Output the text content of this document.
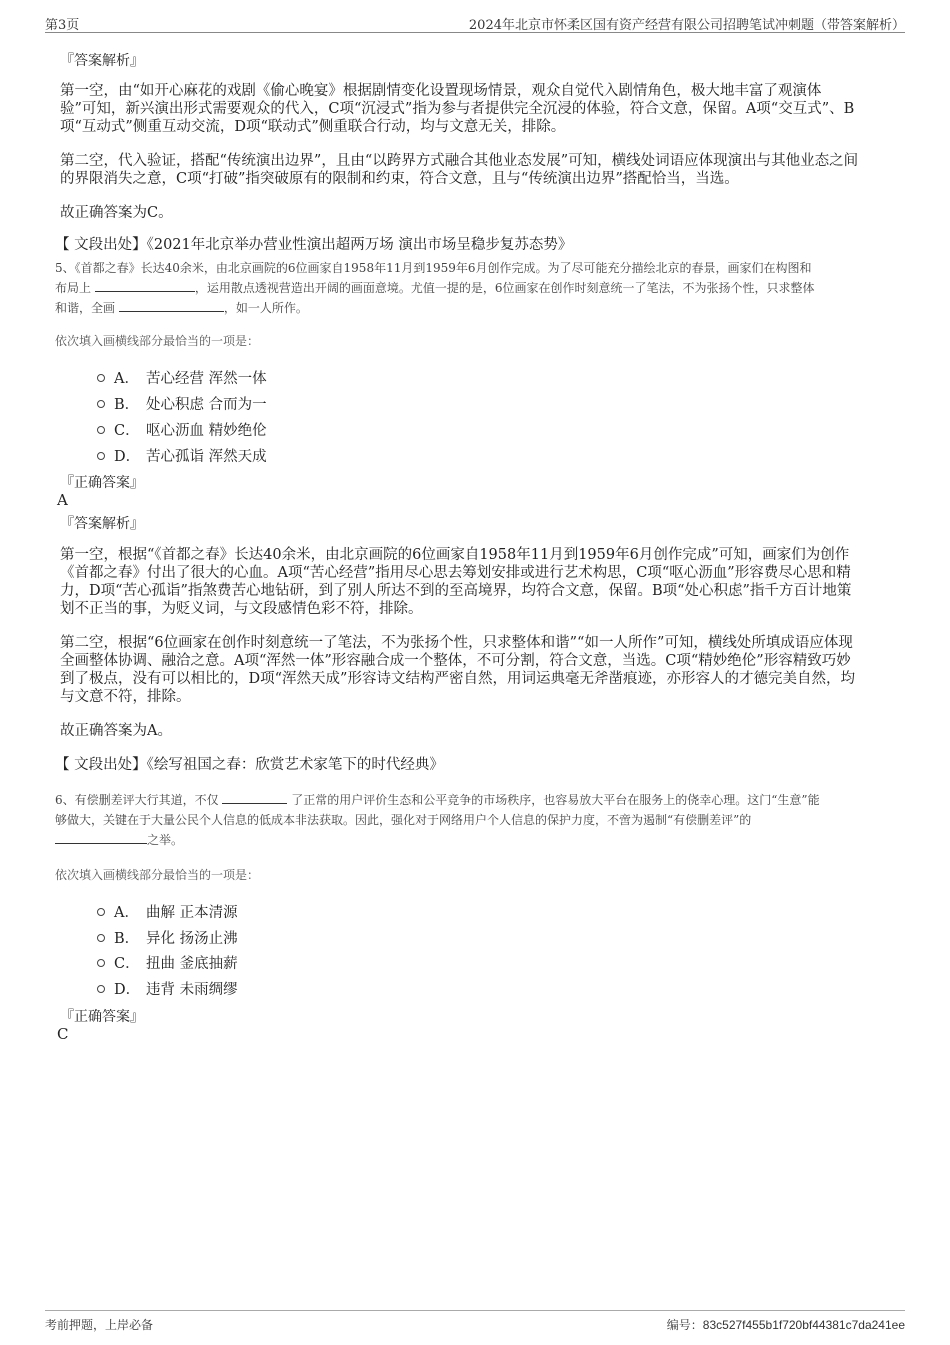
第3页	2024年北京市怀柔区国有资产经营有限公司招聘笔试冲刺题（带答案解析）
『答案解析』

第一空，由“如开心麻花的戏剧《偷心晚宴》根据剧情变化设置现场情景，观众自觉代入剧情角色，极大地丰富了观演体

验”可知，新兴演出形式需要观众的代入，C项“沉浸式”指为参与者提供完全沉浸的体验，符合文意，保留。A项“交互式”、B

项“互动式”侧重互动交流，D项“联动式”侧重联合行动，均与文意无关，排除。

第二空，代入验证，搭配“传统演出边界”，且由“以跨界方式融合其他业态发展”可知，横线处词语应体现演出与其他业态之间

的界限消失之意，C项“打破”指突破原有的限制和约束，符合文意，且与“传统演出边界”搭配恰当，当选。

故正确答案为C。
【 文段出处】《2021年北京举办营业性演出超两万场 演出市场呈稳步复苏态势》

5、《首都之春》长达40余米，由北京画院的6位画家自1958年11月到1959年6月创作完成。为了尽可能充分描绘北京的春景，画家们在构图和

布局上	，运用散点透视营造出开阔的画面意境。尤值一提的是，6位画家在创作时刻意统一了笔法，不为张扬个性，只求整体

和谐，全画	，如一人所作。

依次填入画横线部分最恰当的一项是：
A． 苦心经营 浑然一体
B． 处心积虑 合而为一
C． 呕心沥血 精妙绝伦
D． 苦心孤诣 浑然天成
『正确答案』
A
『答案解析』

第一空，根据“《首都之春》长达40余米，由北京画院的6位画家自1958年11月到1959年6月创作完成”可知，画家们为创作

《首都之春》付出了很大的心血。A项“苦心经营”指用尽心思去筹划安排或进行艺术构思，C项“呕心沥血”形容费尽心思和精

力，D项“苦心孤诣”指煞费苦心地钻研，到了别人所达不到的至高境界，均符合文意，保留。B项“处心积虑”指千方百计地策

划不正当的事，为贬义词，与文段感情色彩不符，排除。

第二空，根据“6位画家在创作时刻意统一了笔法，不为张扬个性，只求整体和谐”“如一人所作”可知，横线处所填成语应体现

全画整体协调、融洽之意。A项“浑然一体”形容融合成一个整体，不可分割，符合文意，当选。C项“精妙绝伦”形容精致巧妙

到了极点，没有可以相比的，D项“浑然天成”形容诗文结构严密自然，用词运典毫无斧凿痕迹，亦形容人的才德完美自然，均

与文意不符，排除。

故正确答案为A。
【 文段出处】《绘写祖国之春：欣赏艺术家笔下的时代经典》

6、有偿删差评大行其道，不仅	了正常的用户评价生态和公平竞争的市场秩序，也容易放大平台在服务上的侥幸心理。这门“生意”能

够做大，关键在于大量公民个人信息的低成本非法获取。因此，强化对于网络用户个人信息的保护力度，不啻为遏制“有偿删差评”的

之举。

依次填入画横线部分最恰当的一项是：
A． 曲解 正本清源
B． 异化 扬汤止沸
C． 扭曲 釜底抽薪
D． 违背 未雨绸缪
『正确答案』
C
考前押题，上岸必备	编号：83c527f455b1f720bf44381c7da241ee
